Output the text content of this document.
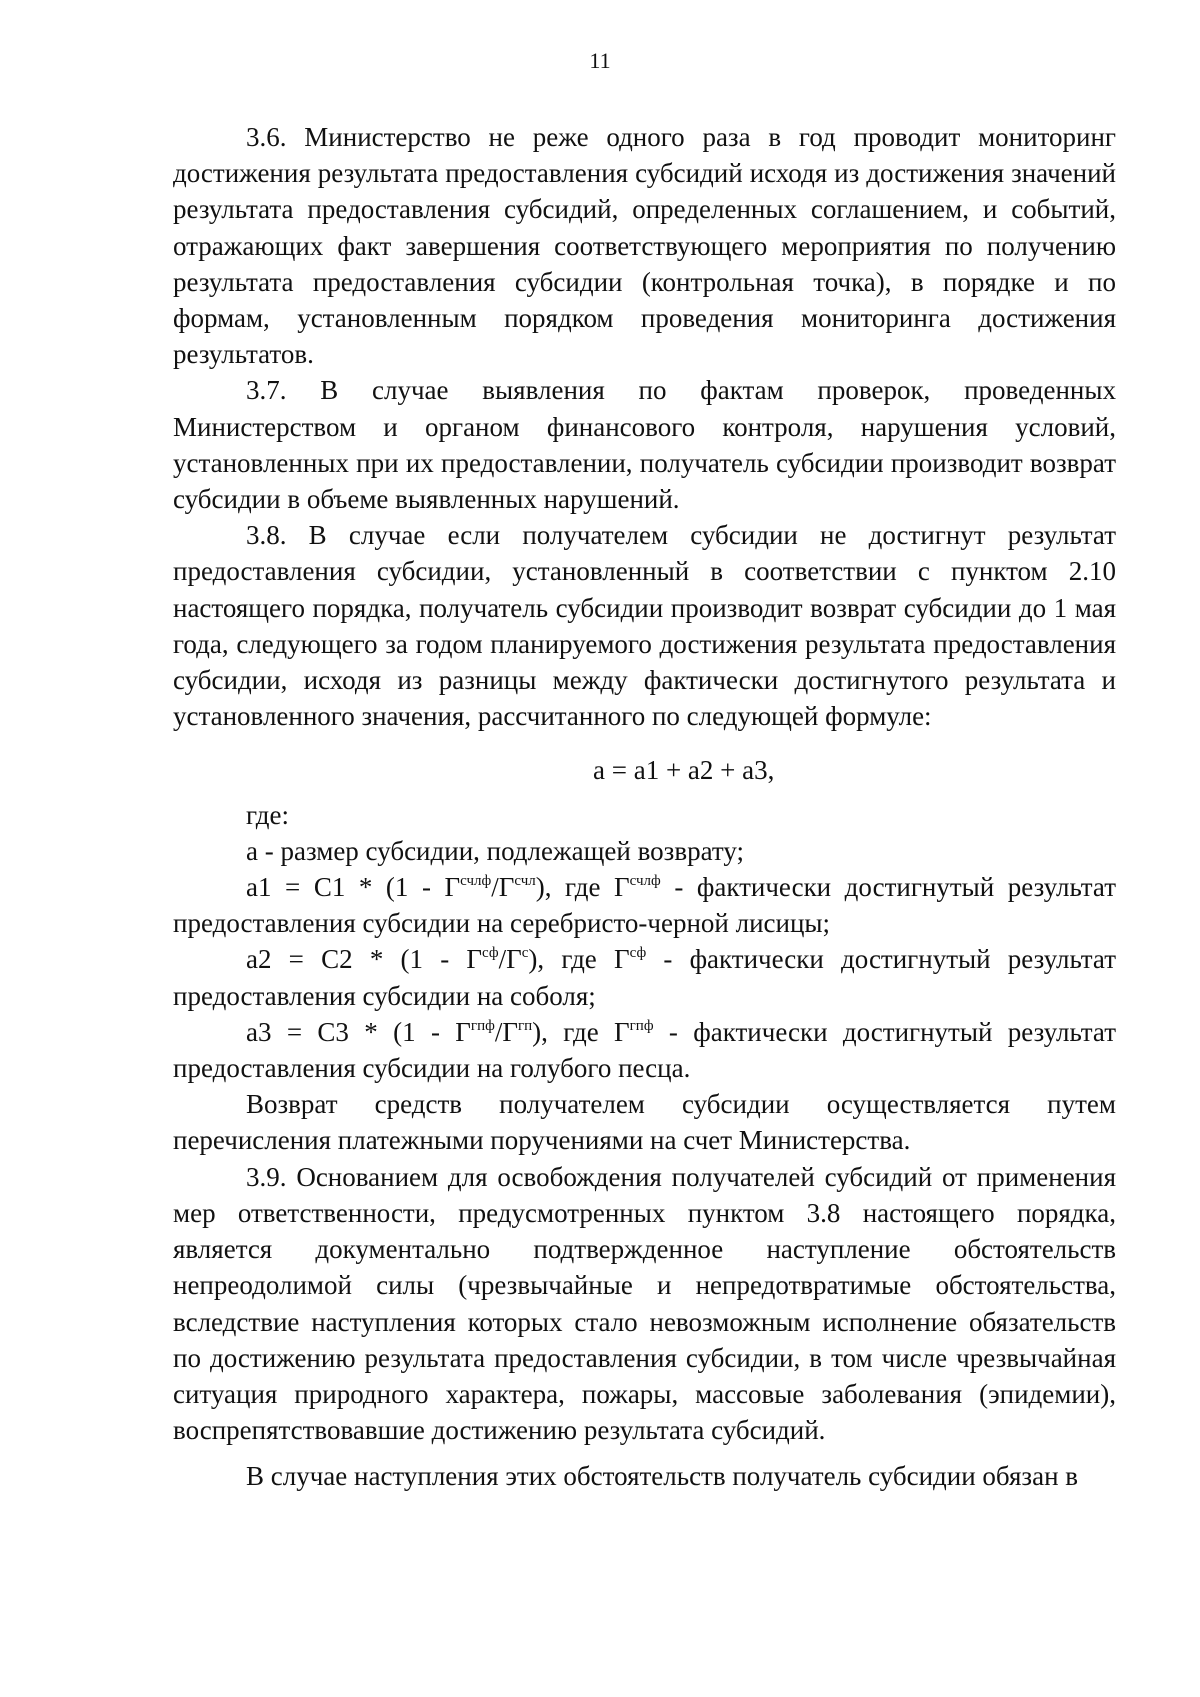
11

3.6. Министерство не реже одного раза в год проводит мониторинг достижения результата предоставления субсидий исходя из достижения значений результата предоставления субсидий, определенных соглашением, и событий, отражающих факт завершения соответствующего мероприятия по получению результата предоставления субсидии (контрольная точка), в порядке и по формам, установленным порядком проведения мониторинга достижения результатов.

3.7. В случае выявления по фактам проверок, проведенных Министерством и органом финансового контроля, нарушения условий, установленных при их предоставлении, получатель субсидии производит возврат субсидии в объеме выявленных нарушений.

3.8. В случае если получателем субсидии не достигнут результат предоставления субсидии, установленный в соответствии с пунктом 2.10 настоящего порядка, получатель субсидии производит возврат субсидии до 1 мая года, следующего за годом планируемого достижения результата предоставления субсидии, исходя из разницы между фактически достигнутого результата и установленного значения, рассчитанного по следующей формуле:

а = а1 + а2 + а3,

где:

а - размер субсидии, подлежащей возврату;

$а1 = С1 * (1 - Г^{счлф}/Г^{счл})$, где $Г^{счлф}$ - фактически достигнутый результат предоставления субсидии на серебристо-черной лисицы;

$а2 = С2 * (1 - Г^{сф}/Г^с)$, где $Г^{сф}$ - фактически достигнутый результат предоставления субсидии на соболя;

$а3 = С3 * (1 - Г^{гпф}/Г^{гп})$, где $Г^{гпф}$ - фактически достигнутый результат предоставления субсидии на голубого песца.

Возврат средств получателем субсидии осуществляется путем перечисления платежными поручениями на счет Министерства.

3.9. Основанием для освобождения получателей субсидий от применения мер ответственности, предусмотренных пунктом 3.8 настоящего порядка, является документально подтвержденное наступление обстоятельств непреодолимой силы (чрезвычайные и непредотвратимые обстоятельства, вследствие наступления которых стало невозможным исполнение обязательств по достижению результата предоставления субсидии, в том числе чрезвычайная ситуация природного характера, пожары, массовые заболевания (эпидемии), воспрепятствовавшие достижению результата субсидий.

В случае наступления этих обстоятельств получатель субсидии обязан в
